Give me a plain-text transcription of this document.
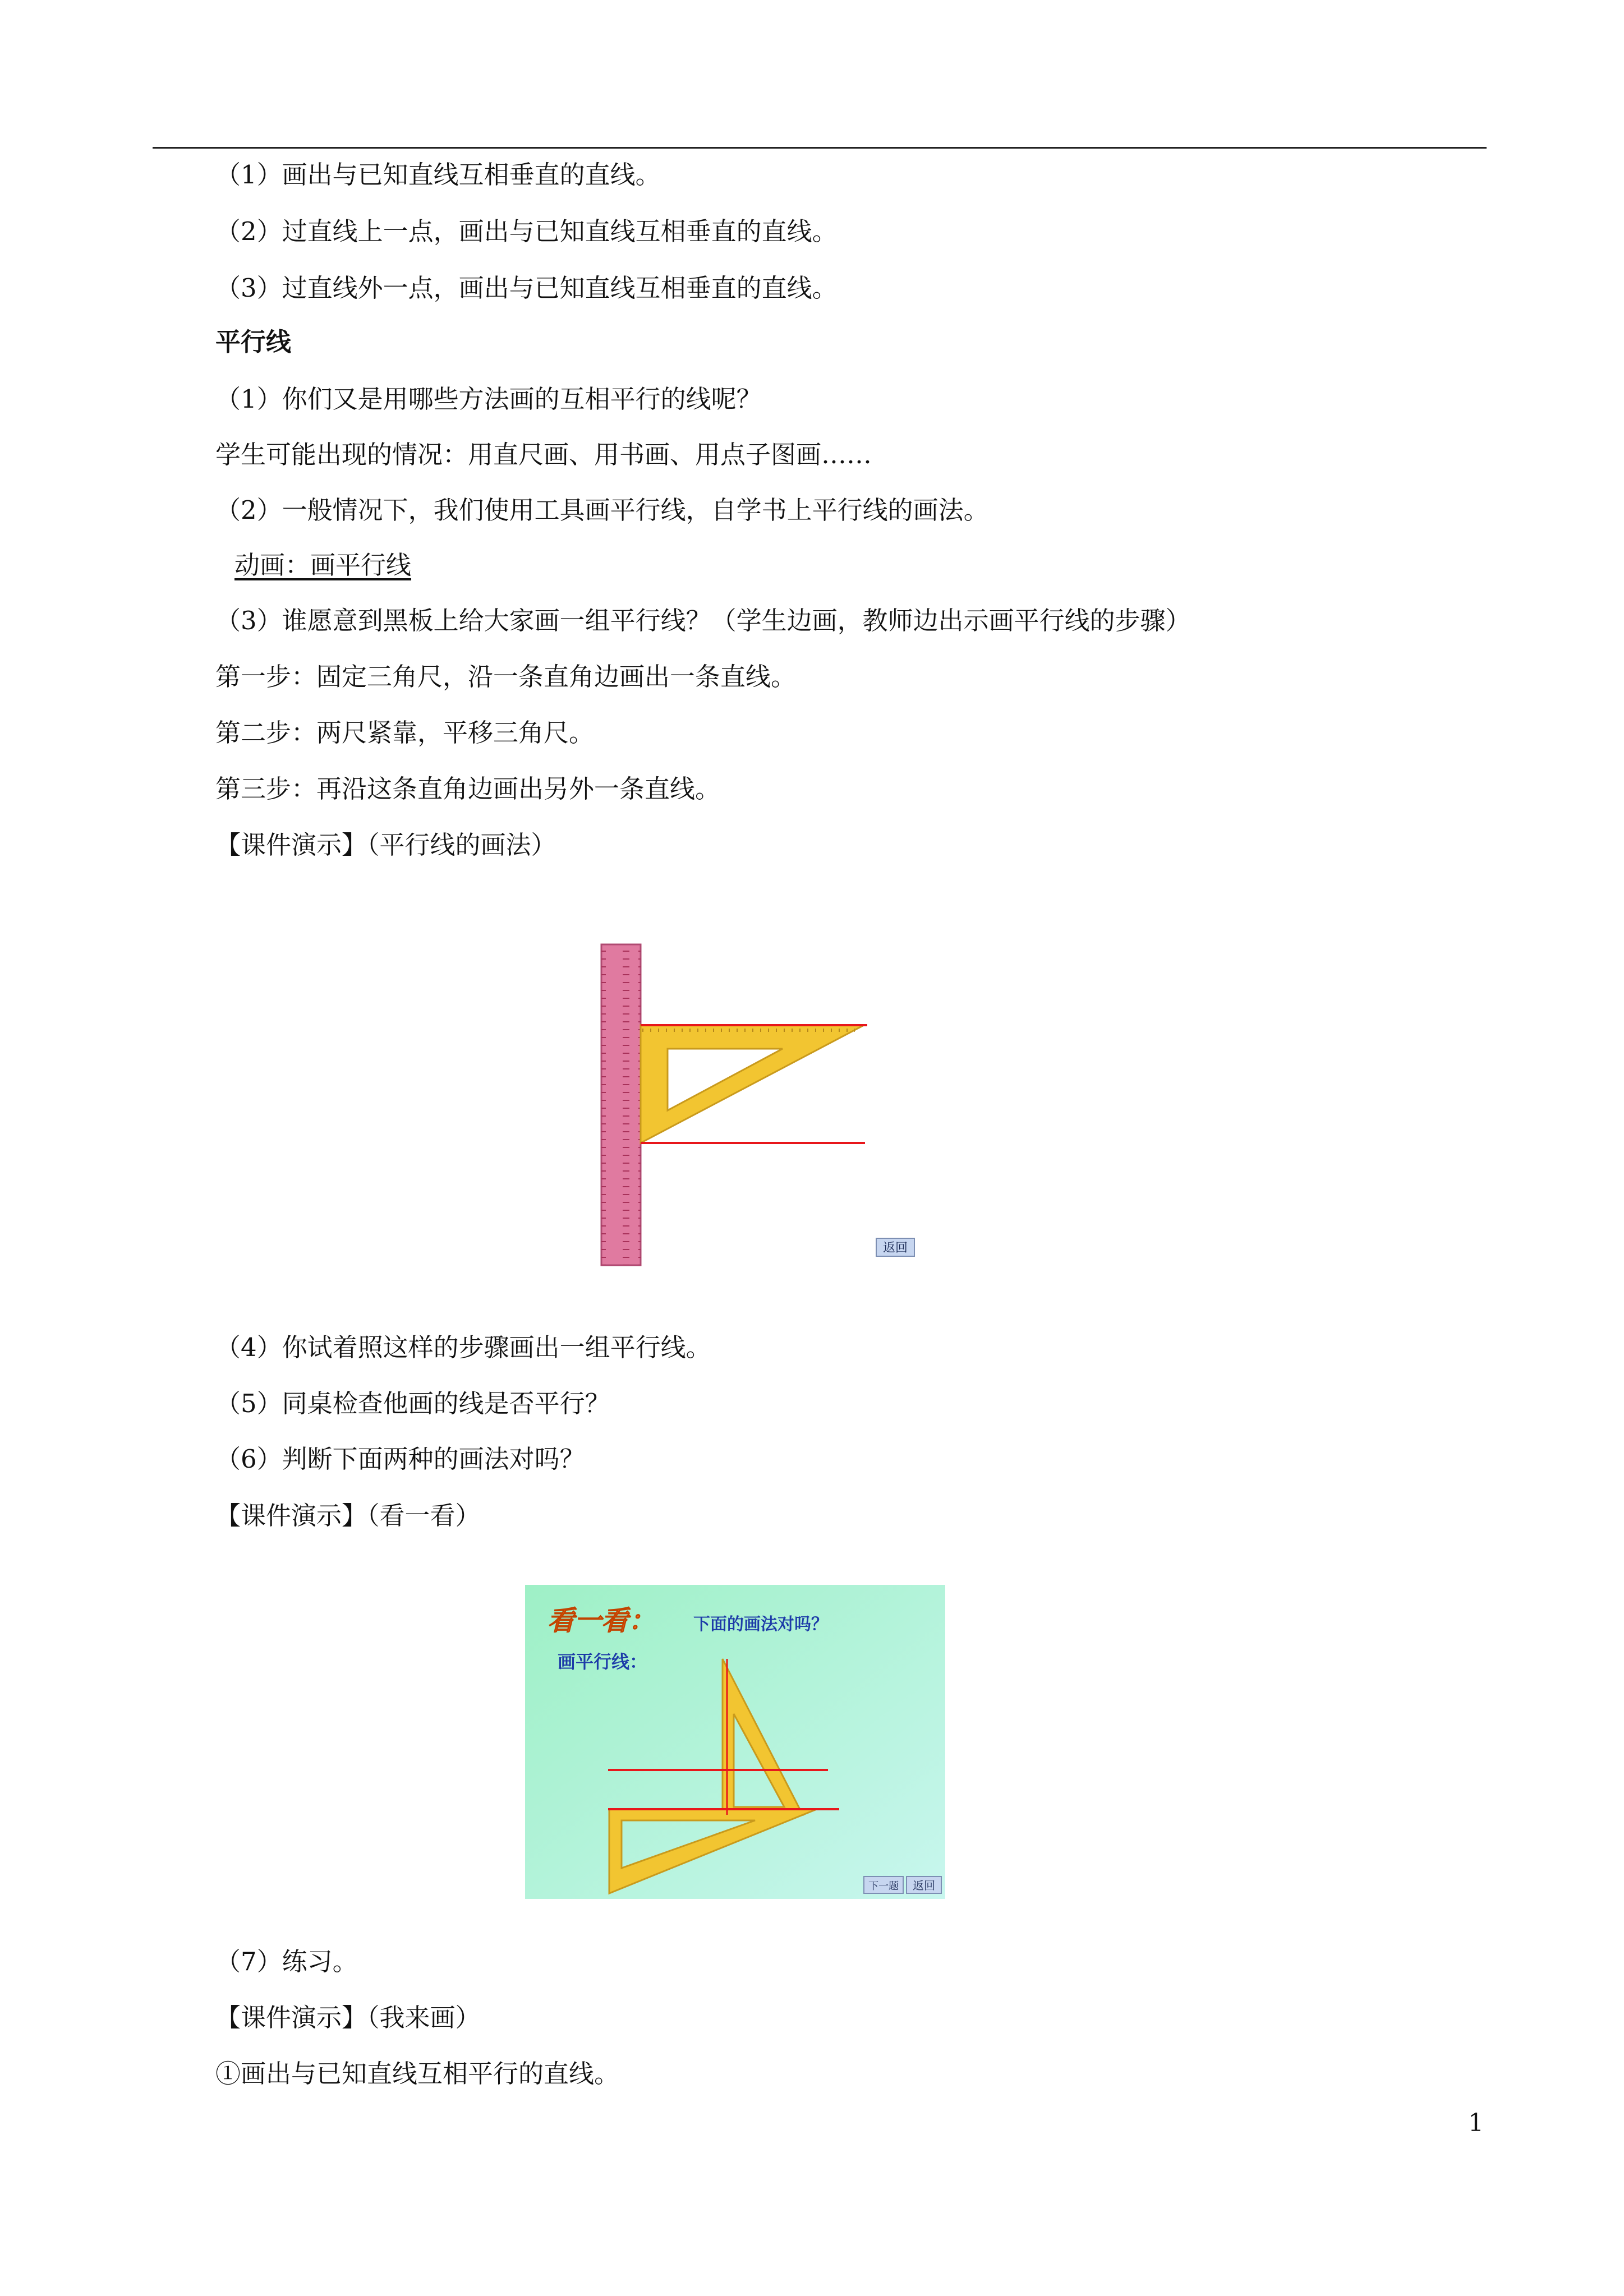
（1）画出与已知直线互相垂直的直线。
（2）过直线上一点，画出与已知直线互相垂直的直线。
（3）过直线外一点，画出与已知直线互相垂直的直线。
平行线
（1）你们又是用哪些方法画的互相平行的线呢？
学生可能出现的情况：用直尺画、用书画、用点子图画……
（2）一般情况下，我们使用工具画平行线，自学书上平行线的画法。
动画：画平行线
（3）谁愿意到黑板上给大家画一组平行线？（学生边画，教师边出示画平行线的步骤）
第一步：固定三角尺，沿一条直角边画出一条直线。
第二步：两尺紧靠，平移三角尺。
第三步：再沿这条直角边画出另外一条直线。
【课件演示】（平行线的画法）
返回
（4）你试着照这样的步骤画出一组平行线。
（5）同桌检查他画的线是否平行？
（6）判断下面两种的画法对吗？
【课件演示】（看一看）
看一看： 下面的画法对吗？
画平行线：
下一题 返回
（7）练习。
【课件演示】（我来画）
①画出与已知直线互相平行的直线。
1
